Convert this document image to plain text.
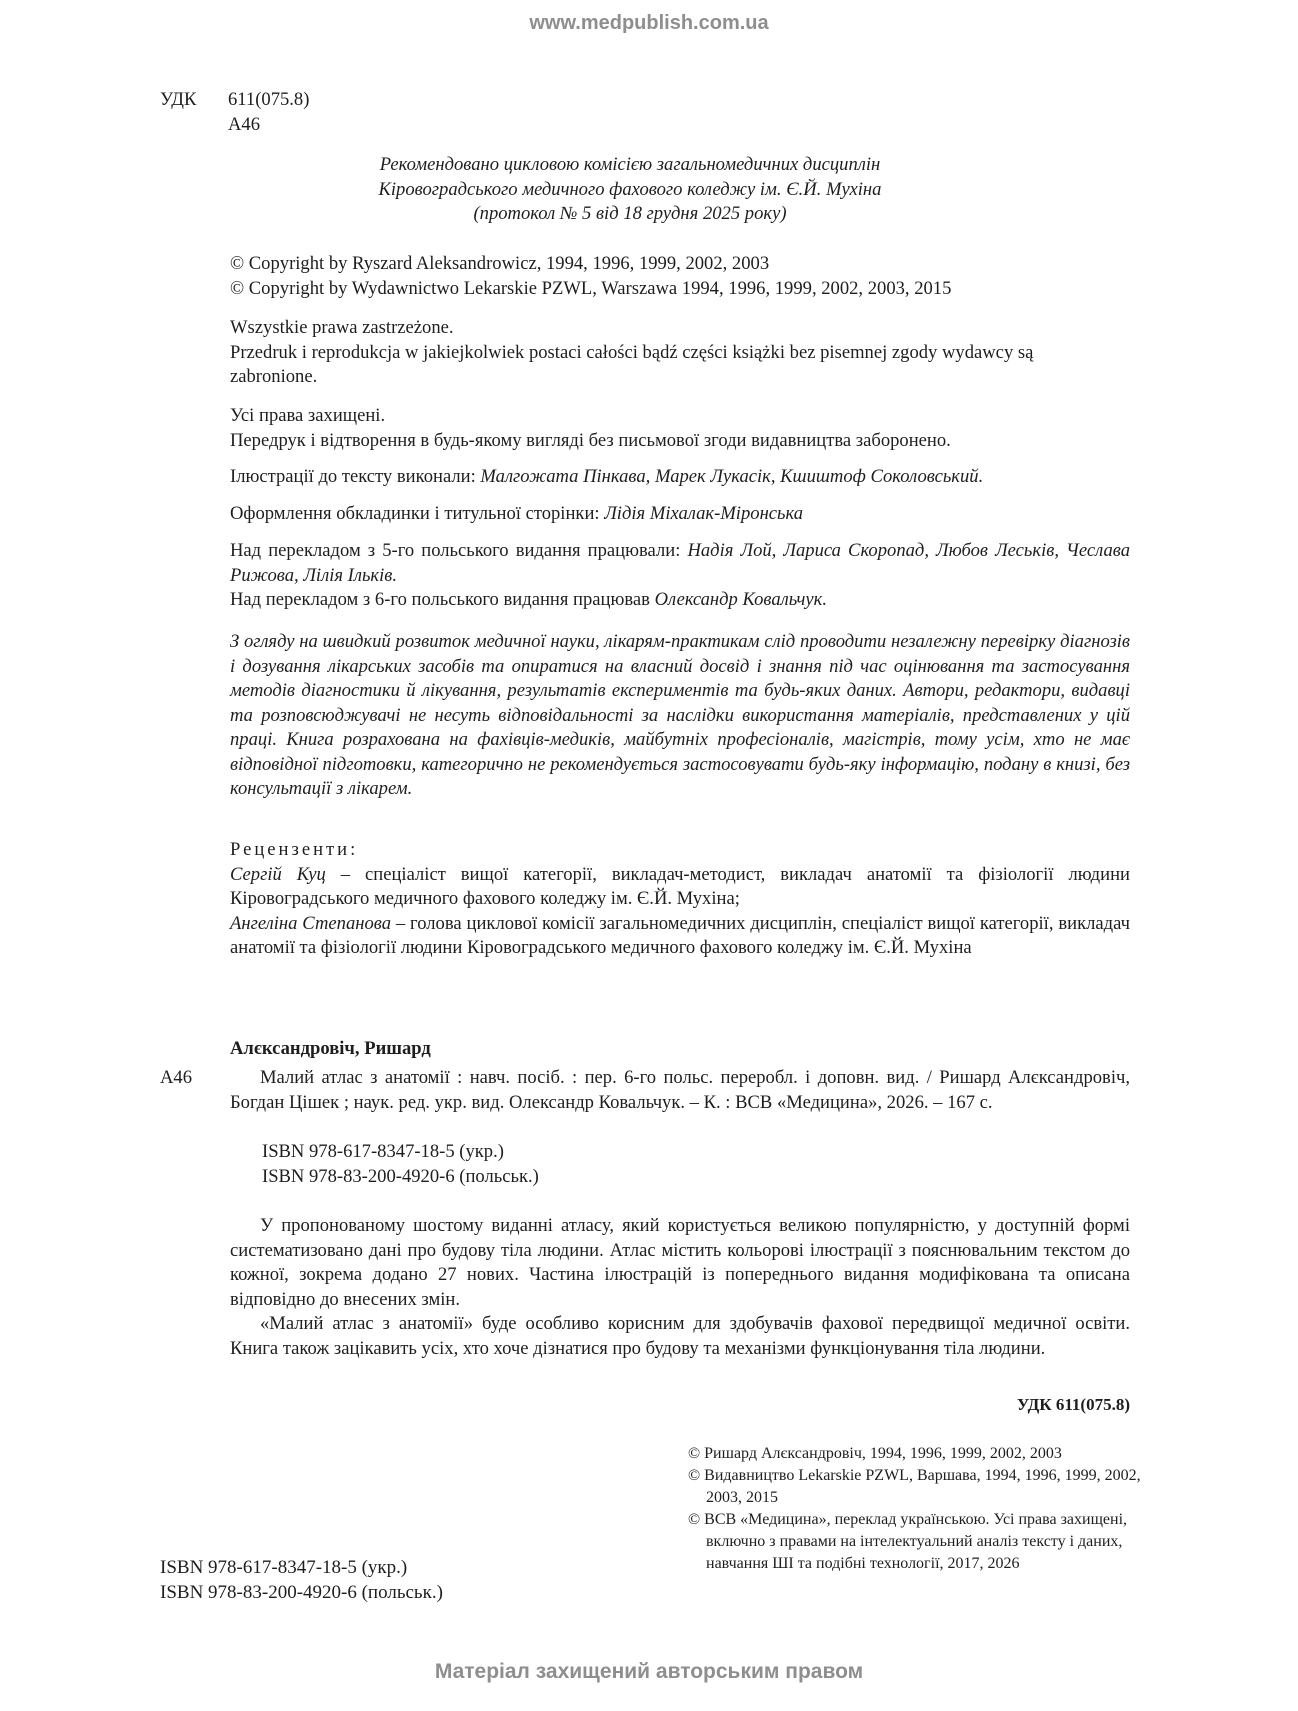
www.medpublish.com.ua
УДК 611(075.8)
А46

Рекомендовано цикловою комісією загальномедичних дисциплін

Кіровоградського медичного фахового коледжу ім. Є.Й. Мухіна

(протокол № 5 від 18 грудня 2025 року)

© Copyright by Ryszard Aleksandrowicz, 1994, 1996, 1999, 2002, 2003

© Copyright by Wydawnictwo Lekarskie PZWL, Warszawa 1994, 1996, 1999, 2002, 2003, 2015

Wszystkie prawa zastrzeżone.

Przedruk i reprodukcja w jakiejkolwiek postaci całości bądź części książki bez pisemnej zgody wydawcy są zabronione.

Усі права захищені.

Передрук і відтворення в будь-якому вигляді без письмової згоди видавництва заборонено.

Ілюстрації до тексту виконали: Малгожата Пінкава, Марек Лукасік, Кшиштоф Соколовський.
Оформлення обкладинки і титульної сторінки: Лідія Міхалак-Міронська
Над перекладом з 5-го польського видання працювали: Надія Лой, Лариса Скоропад, Любов Леськів, Чеслава Рижова, Лілія Ільків.
Над перекладом з 6-го польського видання працював Олександр Ковальчук.

З огляду на швидкий розвиток медичної науки, лікарям-практикам слід проводити незалежну перевірку діагнозів і дозування лікарських засобів та опиратися на власний досвід і знання під час оцінювання та застосування методів діагностики й лікування, результатів експериментів та будь-яких даних. Автори, редактори, видавці та розповсюджувачі не несуть відповідальності за наслідки використання матеріалів, представлених у цій праці. Книга розрахована на фахівців-медиків, майбутніх професіоналів, магістрів, тому усім, хто не має відповідної підготовки, категорично не рекомендується застосовувати будь-яку інформацію, подану в книзі, без консультації з лікарем.

Рецензенти:

Сергій Куц – спеціаліст вищої категорії, викладач-методист, викладач анатомії та фізіології людини Кіровоградського медичного фахового коледжу ім. Є.Й. Мухіна;

Ангеліна Степанова – голова циклової комісії загальномедичних дисциплін, спеціаліст вищої категорії, викладач анатомії та фізіології людини Кіровоградського медичного фахового коледжу ім. Є.Й. Мухіна

Алєксандровіч, Ришард

А46	Малий атлас з анатомії : навч. посіб. : пер. 6-го польс. переробл. і доповн. вид. / Ришард Алєксандровіч, Богдан Цішек ; наук. ред. укр. вид. Олександр Ковальчук. – К. : ВСВ «Медицина», 2026. – 167 с.

ISBN 978-617-8347-18-5 (укр.)

ISBN 978-83-200-4920-6 (польськ.)

У пропонованому шостому виданні атласу, який користується великою популярністю, у доступній формі систематизовано дані про будову тіла людини. Атлас містить кольорові ілюстрації з пояснювальним текстом до кожної, зокрема додано 27 нових. Частина ілюстрацій із попереднього видання модифікована та описана відповідно до внесених змін.

«Малий атлас з анатомії» буде особливо корисним для здобувачів фахової передвищої медичної освіти. Книга також зацікавить усіх, хто хоче дізнатися про будову та механізми функціонування тіла людини.

УДК 611(075.8)

ISBN 978-617-8347-18-5 (укр.)

ISBN 978-83-200-4920-6 (польськ.)

© Ришард Алєксандровіч, 1994, 1996, 1999, 2002, 2003

© Видавництво Lekarskie PZWL, Варшава, 1994, 1996, 1999, 2002, 2003, 2015

© ВСВ «Медицина», переклад українською. Усі права захищені, включно з правами на інтелектуальний аналіз тексту і даних, навчання ШІ та подібні технології, 2017, 2026

Матеріал захищений авторським правом
